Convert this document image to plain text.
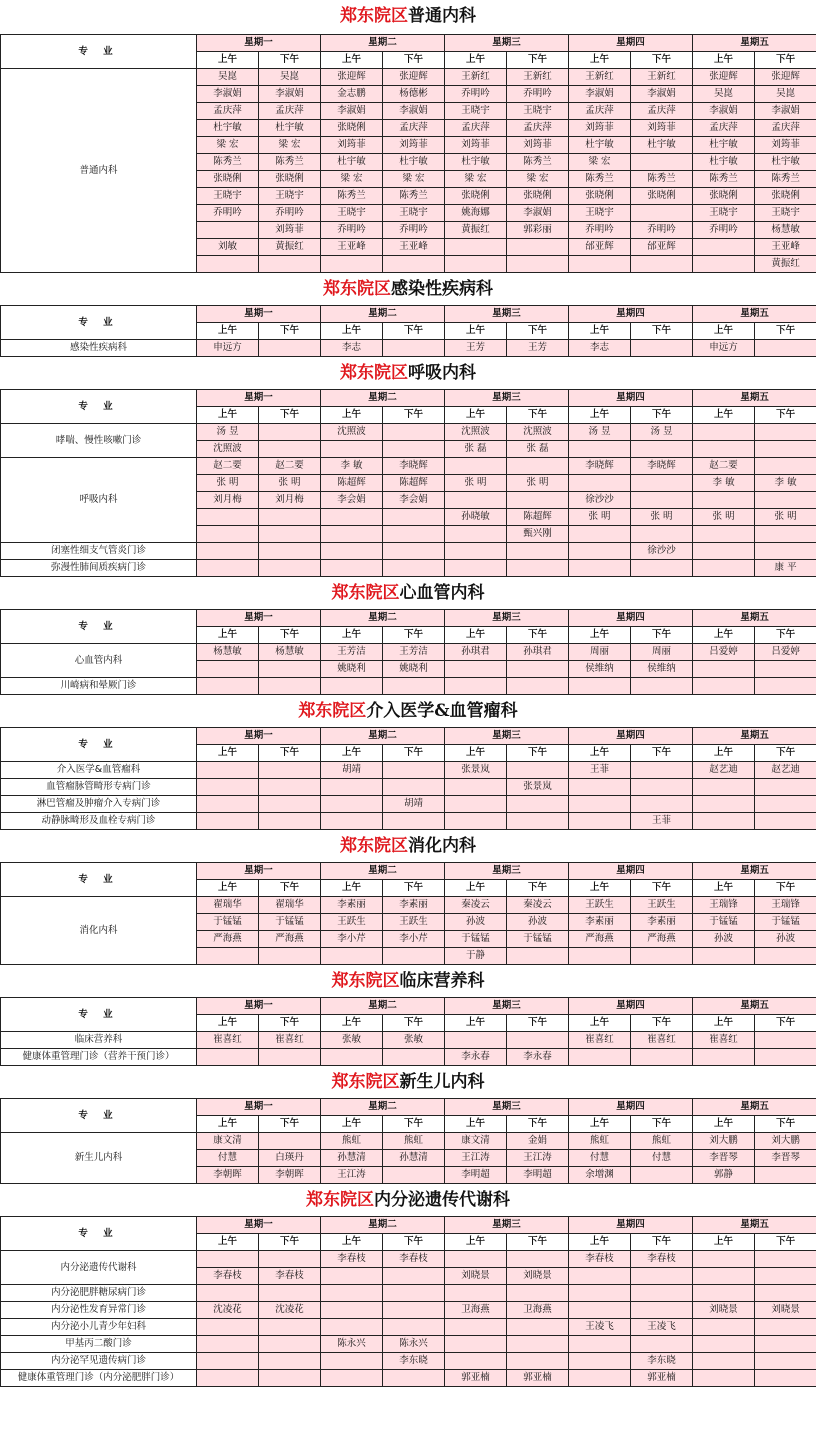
郑东院区普通内科
专 业	星期一		星期二		星期三		星期四		星期五	
	上午	下午	上午	下午	上午	下午	上午	下午	上午	下午
普通内科	吴崑	吴崑	张迎辉	张迎辉	王新红	王新红	王新红	王新红	张迎辉	张迎辉
	李淑娟	李淑娟	金志鹏	杨德彬	乔明吟	乔明吟	李淑娟	李淑娟	吴崑	吴崑
	孟庆萍	孟庆萍	李淑娟	李淑娟	王晓宇	王晓宇	孟庆萍	孟庆萍	李淑娟	李淑娟
	杜宇敏	杜宇敏	张晓俐	孟庆萍	孟庆萍	孟庆萍	刘筠菲	刘筠菲	孟庆萍	孟庆萍
	梁 宏	梁 宏	刘筠菲	刘筠菲	刘筠菲	刘筠菲	杜宇敏	杜宇敏	杜宇敏	刘筠菲
	陈秀兰	陈秀兰	杜宇敏	杜宇敏	杜宇敏	陈秀兰	梁 宏		杜宇敏	杜宇敏
	张晓俐	张晓俐	梁 宏	梁 宏	梁 宏	梁 宏	陈秀兰	陈秀兰	陈秀兰	陈秀兰
	王晓宇	王晓宇	陈秀兰	陈秀兰	张晓俐	张晓俐	张晓俐	张晓俐	张晓俐	张晓俐
	乔明吟	乔明吟	王晓宇	王晓宇	姚海娜	李淑娟	王晓宇		王晓宇	王晓宇
		刘筠菲	乔明吟	乔明吟	黄振红	郭彩丽	乔明吟	乔明吟	乔明吟	杨慧敏
	刘敏	黄振红	王亚峰	王亚峰			邰亚辉	邰亚辉		王亚峰
										黄振红
郑东院区感染性疾病科
专 业	星期一		星期二		星期三		星期四		星期五	
	上午	下午	上午	下午	上午	下午	上午	下午	上午	下午
感染性疾病科	申远方		李志		王芳	王芳	李志		申远方	
郑东院区呼吸内科
专 业	星期一		星期二		星期三		星期四		星期五	
	上午	下午	上午	下午	上午	下午	上午	下午	上午	下午
哮喘、慢性咳嗽门诊	汤 昱		沈照波		沈照波	沈照波	汤 昱	汤 昱		
	沈照波				张 磊	张 磊				
呼吸内科	赵二要	赵二要	李 敏	李晓辉			李晓辉	李晓辉	赵二要	
	张 明	张 明	陈超辉	陈超辉	张 明	张 明			李 敏	李 敏
	刘月梅	刘月梅	李会娟	李会娟			徐沙沙			
					孙晓敏	陈超辉	张 明	张 明	张 明	张 明
						甄兴刚				
闭塞性细支气管炎门诊								徐沙沙		
弥漫性肺间质疾病门诊										康 平
郑东院区心血管内科
专 业	星期一		星期二		星期三		星期四		星期五	
	上午	下午	上午	下午	上午	下午	上午	下午	上午	下午
心血管内科	杨慧敏	杨慧敏	王芳洁	王芳洁	孙琪君	孙琪君	周丽	周丽	吕爱婷	吕爱婷
			姚晓利	姚晓利			侯维纳	侯维纳		
川崎病和晕厥门诊										
郑东院区介入医学&血管瘤科
专 业	星期一		星期二		星期三		星期四		星期五	
	上午	下午	上午	下午	上午	下午	上午	下午	上午	下午
介入医学&血管瘤科			胡靖		张景岚		王菲		赵艺迪	赵艺迪
血管瘤脉管畸形专病门诊						张景岚				
淋巴管瘤及肿瘤介入专病门诊				胡靖						
动静脉畸形及血栓专病门诊								王菲		
郑东院区消化内科
专 业	星期一		星期二		星期三		星期四		星期五	
	上午	下午	上午	下午	上午	下午	上午	下午	上午	下午
消化内科	翟瑞华	翟瑞华	李素丽	李素丽	秦凌云	秦凌云	王跃生	王跃生	王瑞锋	王瑞锋
	于锰锰	于锰锰	王跃生	王跃生	孙波	孙波	李素丽	李素丽	于锰锰	于锰锰
	严海燕	严海燕	李小芹	李小芹	于锰锰	于锰锰	严海燕	严海燕	孙波	孙波
					于静					
郑东院区临床营养科
专 业	星期一		星期二		星期三		星期四		星期五	
	上午	下午	上午	下午	上午	下午	上午	下午	上午	下午
临床营养科	崔喜红	崔喜红	张敏	张敏			崔喜红	崔喜红	崔喜红	
健康体重管理门诊（营养干预门诊）					李永春	李永春				
郑东院区新生儿内科
专 业	星期一		星期二		星期三		星期四		星期五	
	上午	下午	上午	下午	上午	下午	上午	下午	上午	下午
新生儿内科	康文清		熊虹	熊虹	康文清	金娟	熊虹	熊虹	刘大鹏	刘大鹏
	付慧	白瑛丹	孙慧清	孙慧清	王江涛	王江涛	付慧	付慧	李晋琴	李晋琴
	李朝晖	李朝晖	王江涛		李明超	李明超	余增渊		郭静	
郑东院区内分泌遗传代谢科
专 业	星期一		星期二		星期三		星期四		星期五	
	上午	下午	上午	下午	上午	下午	上午	下午	上午	下午
内分泌遗传代谢科			李春枝	李春枝			李春枝	李春枝		
	李春枝	李春枝			刘晓景	刘晓景				
内分泌肥胖糖尿病门诊										
内分泌性发育异常门诊	沈凌花	沈凌花			卫海燕	卫海燕			刘晓景	刘晓景
内分泌小儿青少年妇科							王凌飞	王凌飞		
甲基丙二酸门诊			陈永兴	陈永兴						
内分泌罕见遗传病门诊				李东晓				李东晓		
健康体重管理门诊（内分泌肥胖门诊）					郭亚楠	郭亚楠		郭亚楠		
